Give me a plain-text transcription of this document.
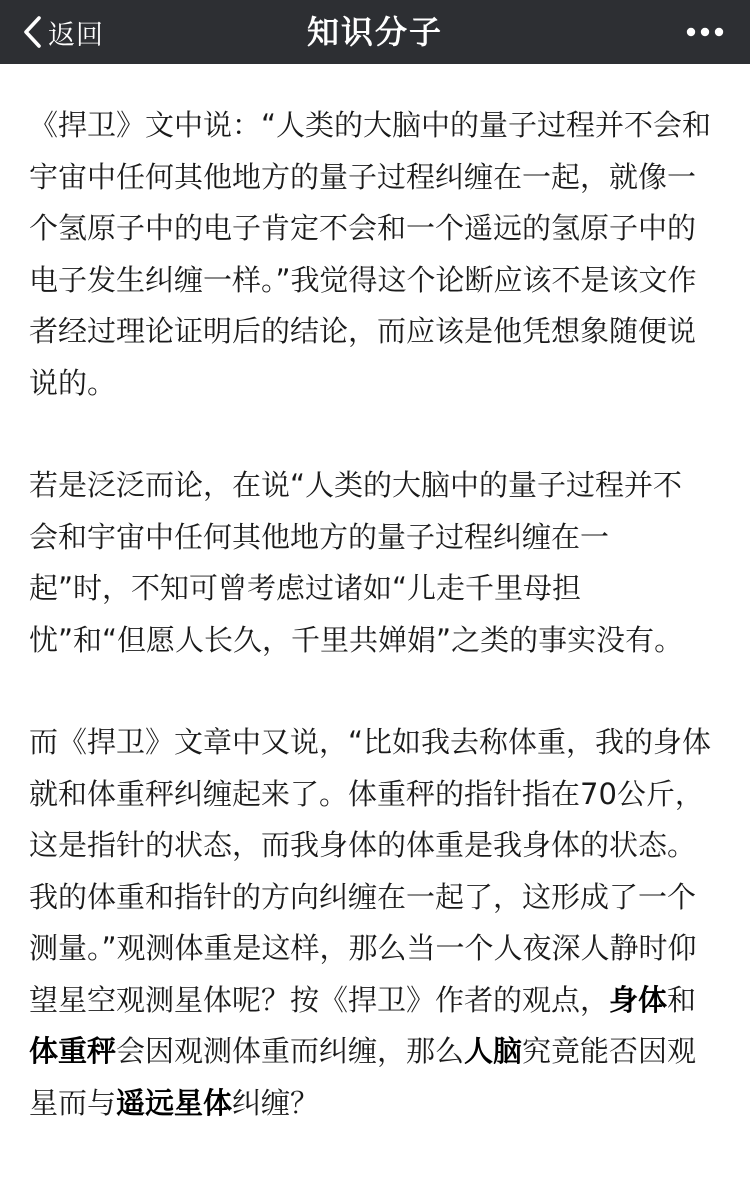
返回	知识分子

《捍卫》文中说：“人类的大脑中的量子过程并不会和宇宙中任何其他地方的量子过程纠缠在一起，就像一个氢原子中的电子肯定不会和一个遥远的氢原子中的电子发生纠缠一样。”我觉得这个论断应该不是该文作者经过理论证明后的结论，而应该是他凭想象随便说说的。

若是泛泛而论，在说“人类的大脑中的量子过程并不
会和宇宙中任何其他地方的量子过程纠缠在一
起”时，不知可曾考虑过诸如“儿走千里母担
忧”和“但愿人长久，千里共婵娟”之类的事实没有。

而《捍卫》文章中又说，“比如我去称体重，我的身体就和体重秤纠缠起来了。体重秤的指针指在70公斤，这是指针的状态，而我身体的体重是我身体的状态。我的体重和指针的方向纠缠在一起了，这形成了一个测量。”观测体重是这样，那么当一个人夜深人静时仰望星空观测星体呢？按《捍卫》作者的观点，身体和体重秤会因观测体重而纠缠，那么人脑究竟能否因观星而与遥远星体纠缠？
